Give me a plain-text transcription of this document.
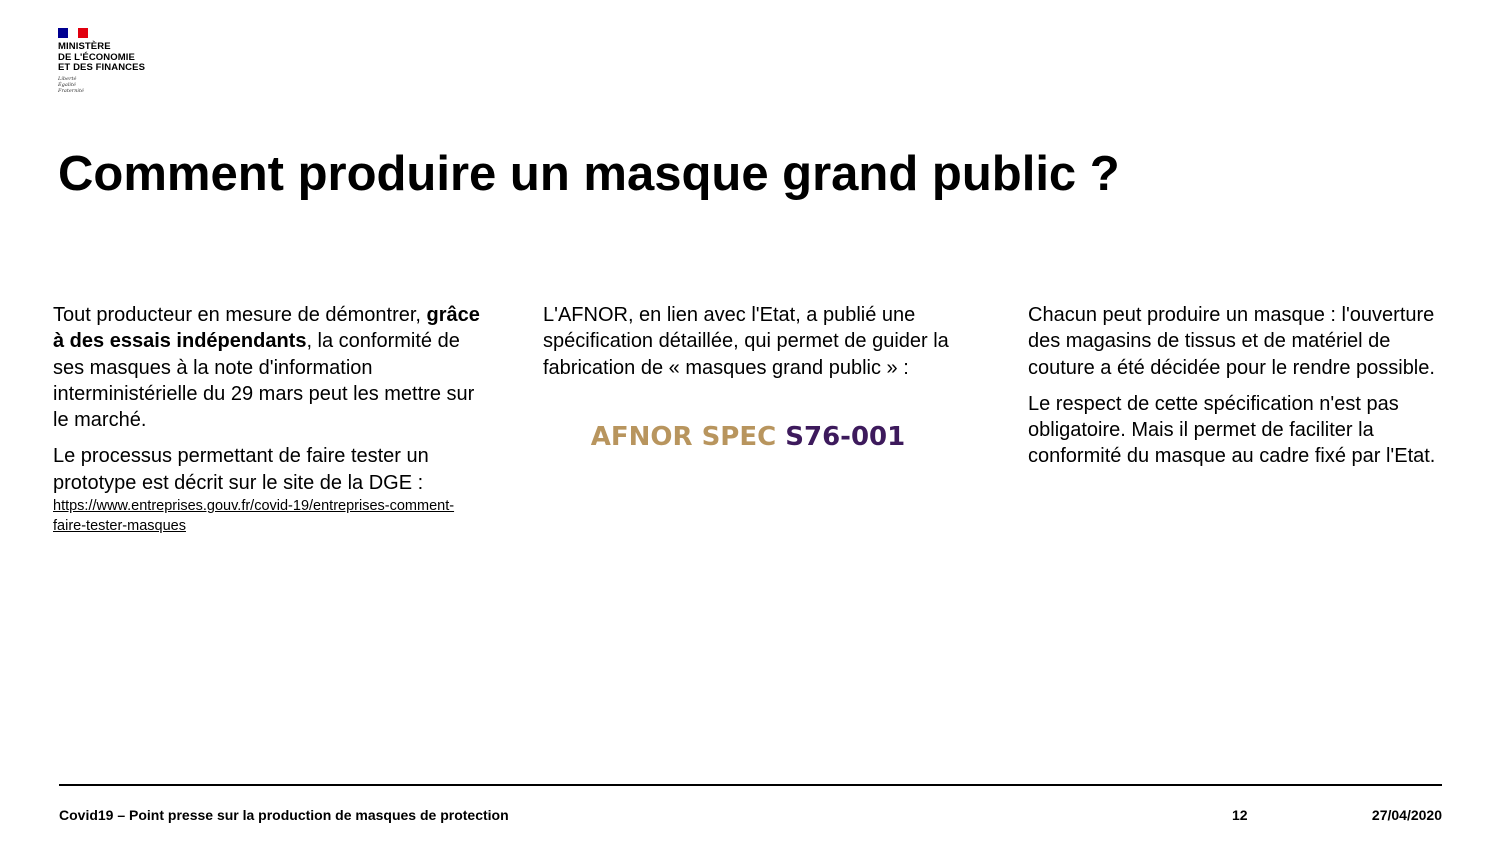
MINISTÈRE
DE L'ÉCONOMIE
ET DES FINANCES
Liberté
Égalité
Fraternité
Comment produire un masque grand public ?

Tout producteur en mesure de démontrer, grâce à des essais indépendants, la conformité de ses masques à la note d'information interministérielle du 29 mars peut les mettre sur le marché.

Le processus permettant de faire tester un prototype est décrit sur le site de la DGE :
https://www.entreprises.gouv.fr/covid-19/entreprises-comment-faire-tester-masques

L'AFNOR, en lien avec l'Etat, a publié une spécification détaillée, qui permet de guider la fabrication de « masques grand public » :

AFNOR SPEC S76-001

Chacun peut produire un masque : l'ouverture des magasins de tissus et de matériel de couture a été décidée pour le rendre possible.

Le respect de cette spécification n'est pas obligatoire. Mais il permet de faciliter la conformité du masque au cadre fixé par l'Etat.

Covid19 – Point presse sur la production de masques de protection	12	27/04/2020
